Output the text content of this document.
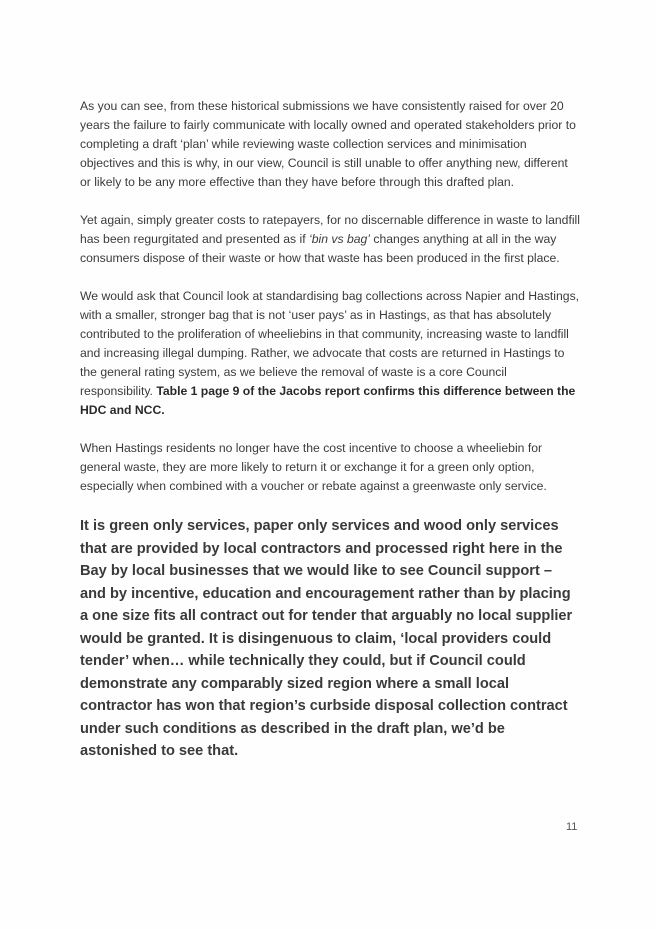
As you can see, from these historical submissions we have consistently raised for over 20 years the failure to fairly communicate with locally owned and operated stakeholders prior to completing a draft ‘plan’ while reviewing waste collection services and minimisation objectives and this is why, in our view, Council is still unable to offer anything new, different or likely to be any more effective than they have before through this drafted plan.

Yet again, simply greater costs to ratepayers, for no discernable difference in waste to landfill has been regurgitated and presented as if ‘bin vs bag’ changes anything at all in the way consumers dispose of their waste or how that waste has been produced in the first place.

We would ask that Council look at standardising bag collections across Napier and Hastings, with a smaller, stronger bag that is not ‘user pays’ as in Hastings, as that has absolutely contributed to the proliferation of wheeliebins in that community, increasing waste to landfill and increasing illegal dumping. Rather, we advocate that costs are returned in Hastings to the general rating system, as we believe the removal of waste is a core Council responsibility. Table 1 page 9 of the Jacobs report confirms this difference between the HDC and NCC.

When Hastings residents no longer have the cost incentive to choose a wheeliebin for general waste, they are more likely to return it or exchange it for a green only option, especially when combined with a voucher or rebate against a greenwaste only service.

It is green only services, paper only services and wood only services that are provided by local contractors and processed right here in the Bay by local businesses that we would like to see Council support – and by incentive, education and encouragement rather than by placing a one size fits all contract out for tender that arguably no local supplier would be granted. It is disingenuous to claim, ‘local providers could tender’ when… while technically they could, but if Council could demonstrate any comparably sized region where a small local contractor has won that region’s curbside disposal collection contract under such conditions as described in the draft plan, we’d be astonished to see that.

11
